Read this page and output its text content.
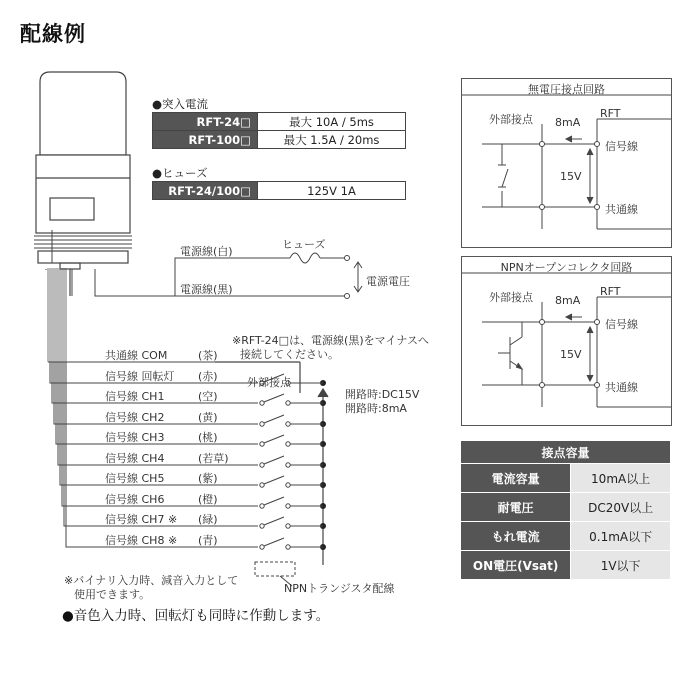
配線例
●突入電流
RFT-24□	最大 10A / 5ms
RFT-100□	最大 1.5A / 20ms
●ヒューズ
RFT-24/100□	125V 1A
電源線(白)
電源線(黒)
ヒューズ
電源電圧
※RFT-24□は、電源線(黒)をマイナスへ
接続してください。
共通線 COM	(茶)
信号線 回転灯 (赤)
信号線 CH1	(空)
信号線 CH2	(黄)
信号線 CH3	(桃)
信号線 CH4	(若草)
信号線 CH5	(紫)
信号線 CH6	(橙)
信号線 CH7 ※ (緑)
信号線 CH8 ※ (青)
外部接点
開路時:DC15V
開路時:8mA
NPNトランジスタ配線
※バイナリ入力時、減音入力として
使用できます。
●音色入力時、回転灯も同時に作動します。
無電圧接点回路
外部接点 8mA
RFT
信号線
15V
共通線
NPNオープンコレクタ回路
外部接点 8mA
RFT
信号線
15V
共通線
接点容量	
電流容量	10mA以上
耐電圧	DC20V以上
もれ電流	0.1mA以下
ON電圧(Vsat)	1V以下
